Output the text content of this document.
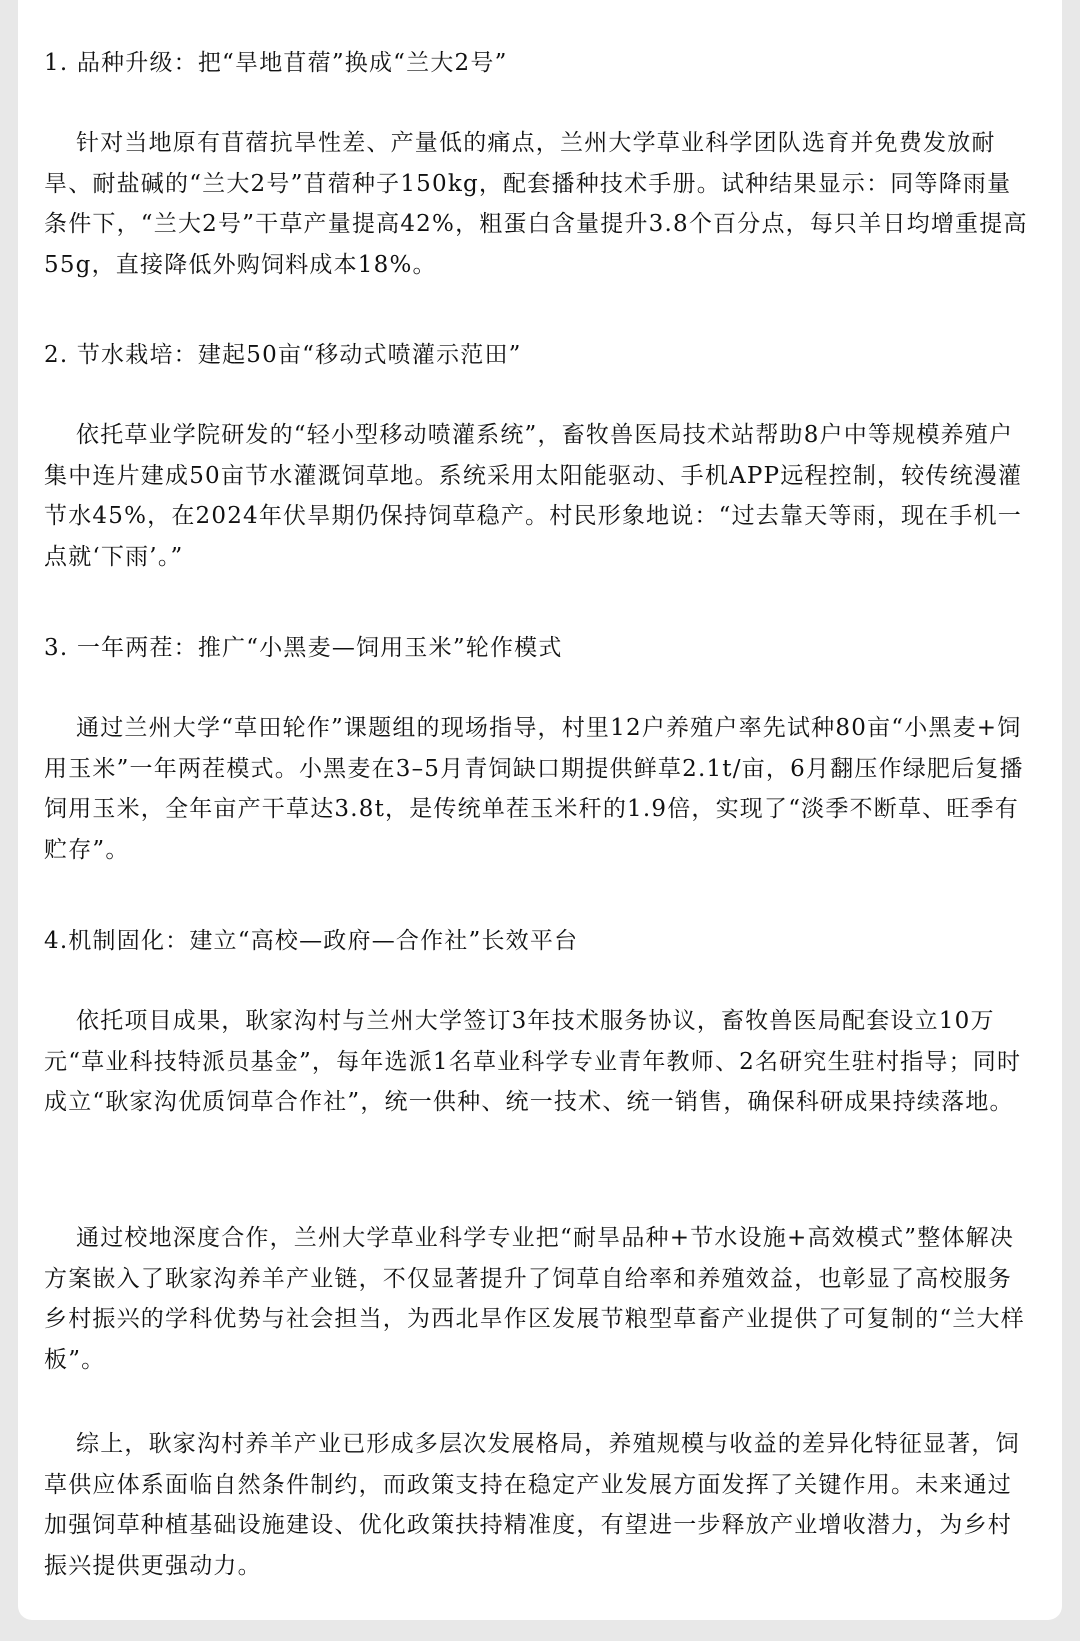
1. 品种升级：把“旱地苜蓿”换成“兰大2号”

针对当地原有苜蓿抗旱性差、产量低的痛点，兰州大学草业科学团队选育并免费发放耐旱、耐盐碱的“兰大2号”苜蓿种子150kg，配套播种技术手册。试种结果显示：同等降雨量条件下，“兰大2号”干草产量提高42%，粗蛋白含量提升3.8个百分点，每只羊日均增重提高55g，直接降低外购饲料成本18%。

2. 节水栽培：建起50亩“移动式喷灌示范田”

依托草业学院研发的“轻小型移动喷灌系统”，畜牧兽医局技术站帮助8户中等规模养殖户集中连片建成50亩节水灌溉饲草地。系统采用太阳能驱动、手机APP远程控制，较传统漫灌节水45%，在2024年伏旱期仍保持饲草稳产。村民形象地说：“过去靠天等雨，现在手机一点就‘下雨’。”

3. 一年两茬：推广“小黑麦—饲用玉米”轮作模式

通过兰州大学“草田轮作”课题组的现场指导，村里12户养殖户率先试种80亩“小黑麦+饲用玉米”一年两茬模式。小黑麦在3–5月青饲缺口期提供鲜草2.1t/亩，6月翻压作绿肥后复播饲用玉米，全年亩产干草达3.8t，是传统单茬玉米秆的1.9倍，实现了“淡季不断草、旺季有贮存”。

4.机制固化：建立“高校—政府—合作社”长效平台

依托项目成果，耿家沟村与兰州大学签订3年技术服务协议，畜牧兽医局配套设立10万元“草业科技特派员基金”，每年选派1名草业科学专业青年教师、2名研究生驻村指导；同时成立“耿家沟优质饲草合作社”，统一供种、统一技术、统一销售，确保科研成果持续落地。

通过校地深度合作，兰州大学草业科学专业把“耐旱品种+节水设施+高效模式”整体解决方案嵌入了耿家沟养羊产业链，不仅显著提升了饲草自给率和养殖效益，也彰显了高校服务乡村振兴的学科优势与社会担当，为西北旱作区发展节粮型草畜产业提供了可复制的“兰大样板”。

综上，耿家沟村养羊产业已形成多层次发展格局，养殖规模与收益的差异化特征显著，饲草供应体系面临自然条件制约，而政策支持在稳定产业发展方面发挥了关键作用。未来通过加强饲草种植基础设施建设、优化政策扶持精准度，有望进一步释放产业增收潜力，为乡村振兴提供更强动力。
